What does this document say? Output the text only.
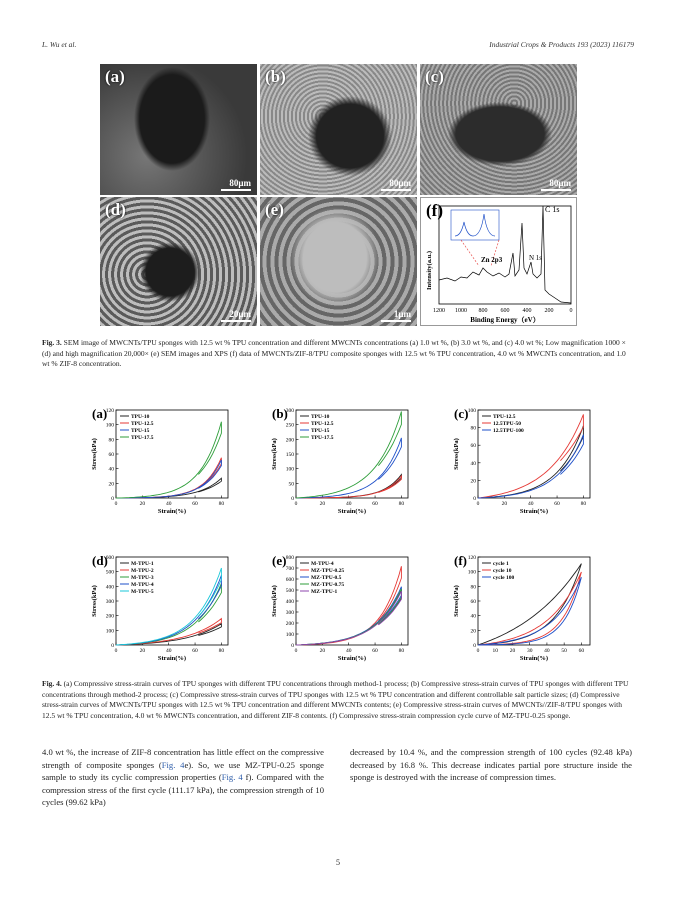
L. Wu et al.	Industrial Crops & Products 193 (2023) 116179
(a)
80μm
(b)
80μm
(c)
80μm
(d)
20μm
(e)
1μm
(f)	C 1s
N 1s
Zn 2p3
Intensity(a.u.)
1200 1000 800 600 400 200	0
Binding Energy（eV）
Fig. 3. SEM image of MWCNTs/TPU sponges with 12.5 wt % TPU concentration and different MWCNTs concentrations (a) 1.0 wt %, (b) 3.0 wt %, and (c) 4.0 wt %; Low magnification 1000 × (d) and high magnification 20,000× (e) SEM images and XPS (f) data of MWCNTs/ZIF-8/TPU composite sponges with 12.5 wt % TPU concentration, 4.0 wt % MWCNTs concentration, and 1.0 wt % ZIF-8 concentration.
0
20
40
60
80
100
120
0	20	40	60	80
Strain(%)
Stress(kPa)
(a)	TPU-10
TPU-12.5
TPU-15
TPU-17.5
0
50
100
150
200
250
300
0	20	40	60	80
Strain(%)
Stress(kPa)
(b)	TPU-10
TPU-12.5
TPU-15
TPU-17.5
0
20
40
60
80
100
0	20	40	60	80
Strain(%)
Stress(kPa)
(c)	TPU-12.5
12.5TPU-50
12.5TPU-100
0
100
200
300
400
500
600
0	20	40	60	80
Strain(%)
Stress(kPa)
(d)	M-TPU-1
M-TPU-2
M-TPU-3
M-TPU-4
M-TPU-5
0
100
200
300
400
500
600
700
800
0	20	40	60	80
Strain(%)
Stress(kPa)
(e)	M-TPU-4
MZ-TPU-0.25
MZ-TPU-0.5
MZ-TPU-0.75
MZ-TPU-1
0
20
40
60
80
100
120
0 10 20 30 40 50 60
Strain(%)
Stress(kPa)
(f)	cycle 1
cycle 10
cycle 100
Fig. 4. (a) Compressive stress-strain curves of TPU sponges with different TPU concentrations through method-1 process; (b) Compressive stress-strain curves of TPU sponges with different TPU concentrations through method-2 process; (c) Compressive stress-strain curves of TPU sponges with 12.5 wt % TPU concentration and different controllable salt particle sizes; (d) Compressive stress-strain curves of MWCNTs/TPU sponges with 12.5 wt % TPU concentration and different MWCNTs contents; (e) Compressive stress-strain curves of MWCNTs//ZIF-8/TPU sponges with 12.5 wt % TPU concentration, 4.0 wt % MWCNTs concentration, and different ZIF-8 contents. (f) Compressive stress-strain compression cycle curve of MZ-TPU-0.25 sponge.
4.0 wt %, the increase of ZIF-8 concentration has little effect on the compressive strength of composite sponges (Fig. 4e). So, we use MZ-TPU-0.25 sponge sample to study its cyclic compression properties (Fig. 4 f). Compared with the compression stress of the first cycle (111.17 kPa), the compression strength of 10 cycles (99.62 kPa)
decreased by 10.4 %, and the compression strength of 100 cycles (92.48 kPa) decreased by 16.8 %. This decrease indicates partial pore structure inside the sponge is destroyed with the increase of compression times.
5
